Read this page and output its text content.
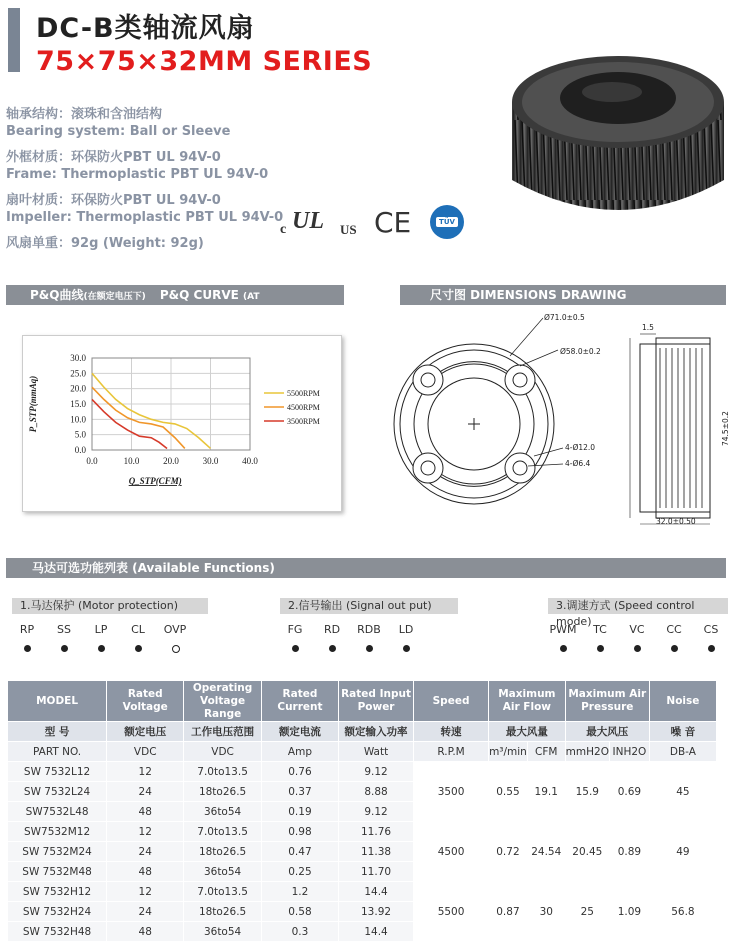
DC-B类轴流风扇
75×75×32MM SERIES
轴承结构：滚珠和含油结构
Bearing system: Ball or Sleeve
外框材质：环保防火PBT UL 94V-0
Frame: Thermoplastic PBT UL 94V-0
扇叶材质：环保防火PBT UL 94V-0
Impeller: Thermoplastic PBT UL 94V-0
风扇单重：92g (Weight: 92g)
c UL US CE	TÜV
P&Q曲线(在额定电压下) P&Q CURVE (AT RATEDVOLTAGE)
尺寸图 DIMENSIONS DRAWING
0.0
5.0
10.0
15.0
20.0
25.0
30.0
0.0	10.0	20.0	30.0	40.0
5500RPM
4500RPM
3500RPM
Q_STP(CFM)
P_STP(mmAq)
Ø71.0±0.5
Ø58.0±0.2
4-Ø12.0
4-Ø6.4
1.5
74.5±0.2
32.0±0.50
马达可选功能列表 (Available Functions)
1.马达保护 (Motor protection)	2.信号输出 (Signal out put)	3.调速方式 (Speed control mode)
RP	SS	LP	CL	OVP	FG	RD	RDB	LD	PWM	TC	VC	CC	CS
MODEL	Rated Voltage	Operating Voltage Range	Rated Current	Rated Input Power	Speed	Maximum Air Flow		Maximum Air Pressure		Noise
型 号	额定电压	工作电压范围	额定电流	额定输入功率	转速	最大风量		最大风压		噪 音
PART NO.	VDC	VDC	Amp	Watt	R.P.M	m³/min	CFM	mmH2O	INH2O	DB-A
SW 7532L12	12	7.0to13.5	0.76	9.12	3500	0.55	19.1	15.9	0.69	45
SW 7532L24	24	18to26.5	0.37	8.88						
SW7532L48	48	36to54	0.19	9.12						
SW7532M12	12	7.0to13.5	0.98	11.76	4500	0.72	24.54	20.45	0.89	49
SW 7532M24	24	18to26.5	0.47	11.38						
SW 7532M48	48	36to54	0.25	11.70						
SW 7532H12	12	7.0to13.5	1.2	14.4	5500	0.87	30	25	1.09	56.8
SW 7532H24	24	18to26.5	0.58	13.92						
SW 7532H48	48	36to54	0.3	14.4						
